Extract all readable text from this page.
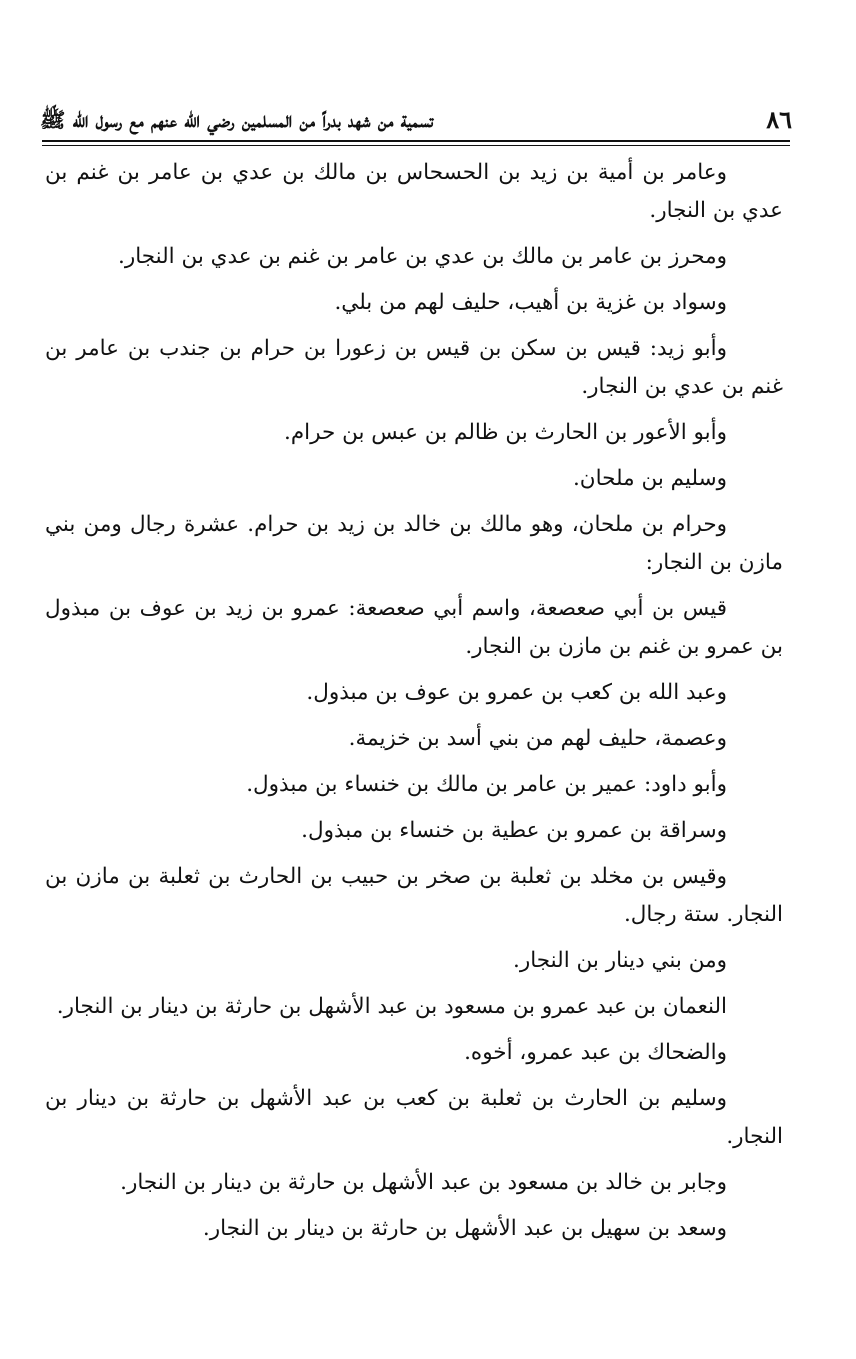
٨٦
تسمية من شهد بدراً من المسلمين رضي الله عنهم مع رسول الله ﷺ

وعامر بن أمية بن زيد بن الحسحاس بن مالك بن عدي بن عامر بن غنم بن عدي بن النجار.

ومحرز بن عامر بن مالك بن عدي بن عامر بن غنم بن عدي بن النجار.

وسواد بن غزية بن أهيب، حليف لهم من بلي.

وأبو زيد: قيس بن سكن بن قيس بن زعورا بن حرام بن جندب بن عامر بن غنم بن عدي بن النجار.

وأبو الأعور بن الحارث بن ظالم بن عبس بن حرام.

وسليم بن ملحان.

وحرام بن ملحان، وهو مالك بن خالد بن زيد بن حرام. عشرة رجال ومن بني مازن بن النجار:

قيس بن أبي صعصعة، واسم أبي صعصعة: عمرو بن زيد بن عوف بن مبذول بن عمرو بن غنم بن مازن بن النجار.

وعبد الله بن كعب بن عمرو بن عوف بن مبذول.

وعصمة، حليف لهم من بني أسد بن خزيمة.

وأبو داود: عمير بن عامر بن مالك بن خنساء بن مبذول.

وسراقة بن عمرو بن عطية بن خنساء بن مبذول.

وقيس بن مخلد بن ثعلبة بن صخر بن حبيب بن الحارث بن ثعلبة بن مازن بن النجار. ستة رجال.

ومن بني دينار بن النجار.

النعمان بن عبد عمرو بن مسعود بن عبد الأشهل بن حارثة بن دينار بن النجار.

والضحاك بن عبد عمرو، أخوه.

وسليم بن الحارث بن ثعلبة بن كعب بن عبد الأشهل بن حارثة بن دينار بن النجار.

وجابر بن خالد بن مسعود بن عبد الأشهل بن حارثة بن دينار بن النجار.

وسعد بن سهيل بن عبد الأشهل بن حارثة بن دينار بن النجار.
